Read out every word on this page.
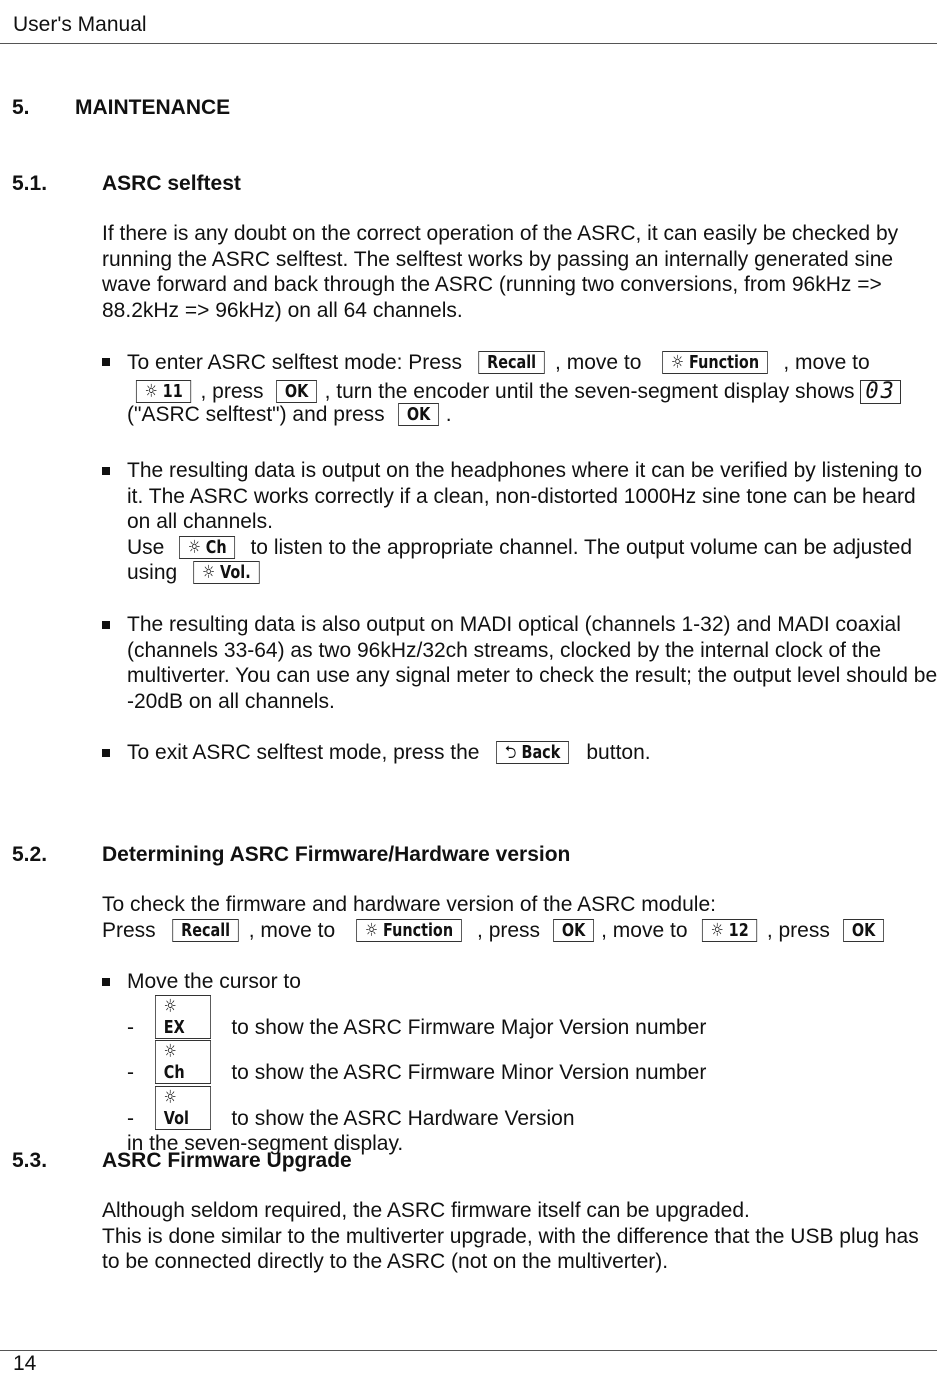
User's Manual
5. MAINTENANCE
5.1.	ASRC selftest
If there is any doubt on the correct operation of the ASRC, it can easily be checked by running the ASRC selftest. The selftest works by passing an internally generated sine wave forward and back through the ASRC (running two conversions, from 96kHz => 88.2kHz => 96kHz) on all 64 channels.
To enter ASRC selftest mode: Press Recall , move to ☼ Function , move to ☼ 11 , press OK , turn the encoder until the seven-segment display shows 03
("ASRC selftest") and press OK .
The resulting data is output on the headphones where it can be verified by listening to it. The ASRC works correctly if a clean, non-distorted 1000Hz sine tone can be heard on all channels.
Use ☼ Ch to listen to the appropriate channel. The output volume can be adjusted using ☼ Vol.
The resulting data is also output on MADI optical (channels 1-32) and MADI coaxial (channels 33-64) as two 96kHz/32ch streams, clocked by the internal clock of the multiverter. You can use any signal meter to check the result; the output level should be -20dB on all channels.
To exit ASRC selftest mode, press the ⮌ Back button.
5.2.	Determining ASRC Firmware/Hardware version
To check the firmware and hardware version of the ASRC module:
Press Recall , move to ☼ Function , press OK , move to ☼ 12 , press OK
Move the cursor to
-  ☼ EX to show the ASRC Firmware Major Version number
-  ☼ Ch to show the ASRC Firmware Minor Version number
-  ☼ Vol to show the ASRC Hardware Version
in the seven-segment display.
5.3.	ASRC Firmware Upgrade
Although seldom required, the ASRC firmware itself can be upgraded.
This is done similar to the multiverter upgrade, with the difference that the USB plug has to be connected directly to the ASRC (not on the multiverter).
14
